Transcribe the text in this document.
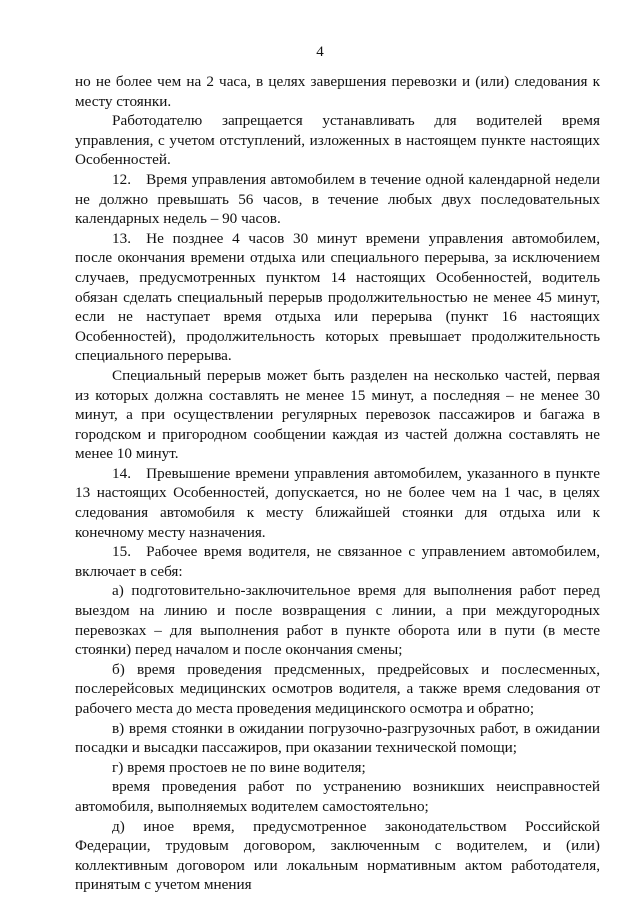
4

но не более чем на 2 часа, в целях завершения перевозки и (или) следования к месту стоянки.

Работодателю запрещается устанавливать для водителей время управления, с учетом отступлений, изложенных в настоящем пункте настоящих Особенностей.

12. Время управления автомобилем в течение одной календарной недели не должно превышать 56 часов, в течение любых двух последовательных календарных недель – 90 часов.

13. Не позднее 4 часов 30 минут времени управления автомобилем, после окончания времени отдыха или специального перерыва, за исключением случаев, предусмотренных пунктом 14 настоящих Особенностей, водитель обязан сделать специальный перерыв продолжительностью не менее 45 минут, если не наступает время отдыха или перерыва (пункт 16 настоящих Особенностей), продолжительность которых превышает продолжительность специального перерыва.

Специальный перерыв может быть разделен на несколько частей, первая из которых должна составлять не менее 15 минут, а последняя – не менее 30 минут, а при осуществлении регулярных перевозок пассажиров и багажа в городском и пригородном сообщении каждая из частей должна составлять не менее 10 минут.

14. Превышение времени управления автомобилем, указанного в пункте 13 настоящих Особенностей, допускается, но не более чем на 1 час, в целях следования автомобиля к месту ближайшей стоянки для отдыха или к конечному месту назначения.

15. Рабочее время водителя, не связанное с управлением автомобилем, включает в себя:

а) подготовительно-заключительное время для выполнения работ перед выездом на линию и после возвращения с линии, а при междугородных перевозках – для выполнения работ в пункте оборота или в пути (в месте стоянки) перед началом и после окончания смены;

б) время проведения предсменных, предрейсовых и послесменных, послерейсовых медицинских осмотров водителя, а также время следования от рабочего места до места проведения медицинского осмотра и обратно;

в) время стоянки в ожидании погрузочно-разгрузочных работ, в ожидании посадки и высадки пассажиров, при оказании технической помощи;

г) время простоев не по вине водителя;

время проведения работ по устранению возникших неисправностей автомобиля, выполняемых водителем самостоятельно;

д) иное время, предусмотренное законодательством Российской Федерации, трудовым договором, заключенным с водителем, и (или) коллективным договором или локальным нормативным актом работодателя, принятым с учетом мнения
